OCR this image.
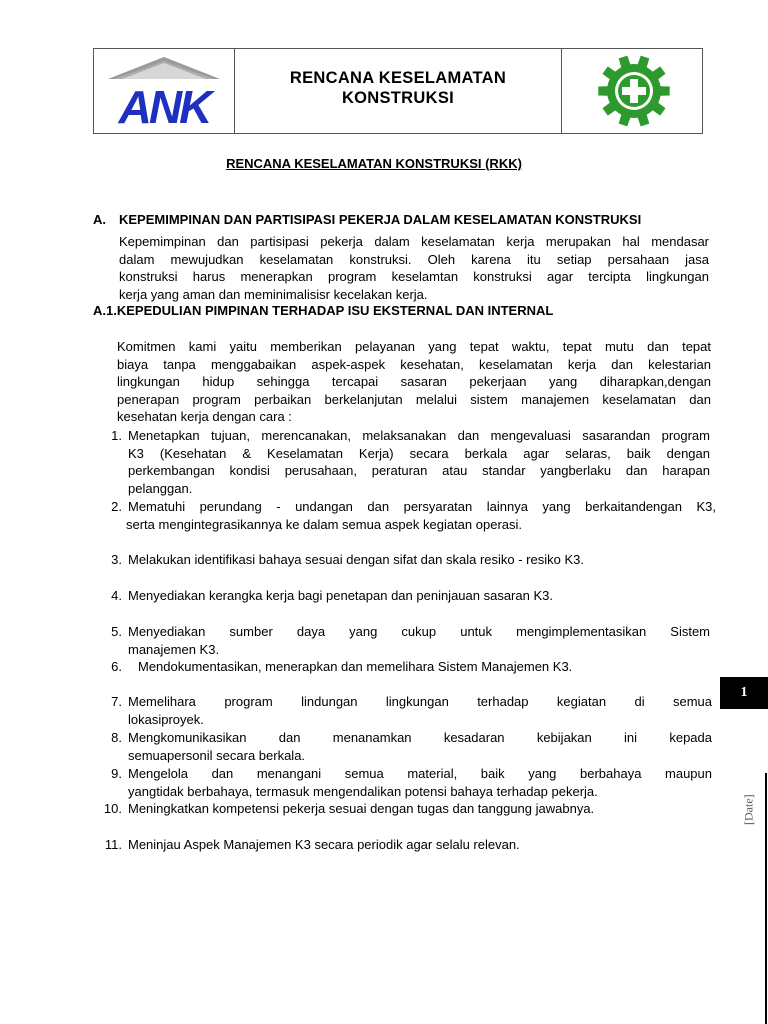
ANK
RENCANA KESELAMATAN
KONSTRUKSI
RENCANA KESELAMATAN KONSTRUKSI (RKK)
A. KEPEMIMPINAN DAN PARTISIPASI PEKERJA DALAM KESELAMATAN KONSTRUKSI
Kepemimpinan dan partisipasi pekerja dalam keselamatan kerja merupakan hal mendasar
dalam mewujudkan keselamatan konstruksi. Oleh karena itu setiap persahaan jasa
konstruksi harus menerapkan program keselamtan konstruksi agar tercipta lingkungan
kerja yang aman dan meminimalisisr kecelakan kerja.
A.1.KEPEDULIAN PIMPINAN TERHADAP ISU EKSTERNAL DAN INTERNAL
Komitmen kami yaitu memberikan pelayanan yang tepat waktu, tepat mutu dan tepat
biaya tanpa menggabaikan aspek-aspek kesehatan, keselamatan kerja dan kelestarian
lingkungan hidup sehingga tercapai sasaran pekerjaan yang diharapkan,dengan
penerapan program perbaikan berkelanjutan melalui sistem manajemen keselamatan dan
kesehatan kerja dengan cara :
1. Menetapkan tujuan, merencanakan, melaksanakan dan mengevaluasi sasarandan program
K3 (Kesehatan & Keselamatan Kerja) secara berkala agar selaras, baik dengan
perkembangan kondisi perusahaan, peraturan atau standar yangberlaku dan harapan
pelanggan.
2. Mematuhi perundang - undangan dan persyaratan lainnya yang berkaitandengan K3,
serta mengintegrasikannya ke dalam semua aspek kegiatan operasi.
3. Melakukan identifikasi bahaya sesuai dengan sifat dan skala resiko - resiko K3.
4. Menyediakan kerangka kerja bagi penetapan dan peninjauan sasaran K3.
5. Menyediakan sumber daya yang cukup untuk mengimplementasikan Sistem
manajemen K3.
6. Mendokumentasikan, menerapkan dan memelihara Sistem Manajemen K3.
7. Memelihara program lindungan lingkungan terhadap kegiatan di semua
lokasiproyek.
8. Mengkomunikasikan dan menanamkan kesadaran kebijakan ini kepada
semuapersonil secara berkala.
9. Mengelola dan menangani semua material, baik yang berbahaya maupun
yangtidak berbahaya, termasuk mengendalikan potensi bahaya terhadap pekerja.
10. Meningkatkan kompetensi pekerja sesuai dengan tugas dan tanggung jawabnya.
11. Meninjau Aspek Manajemen K3 secara periodik agar selalu relevan.
1
[Date]
